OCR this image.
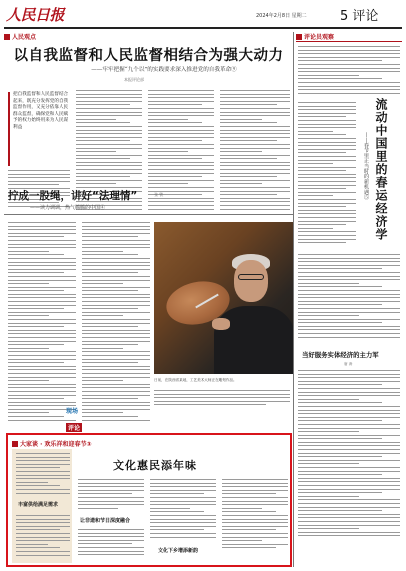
人民日报	2024年2月8日 星期二	5 评论
人民观点
以自我监督和人民监督相结合为强大动力
——牢牢把握“九个以”的实践要求深入推进党的自我革命⑨
本报评论部
把自我监督和人民监督结合起来，既充分发挥党的自我监督作用，又充分依靠人民群众监督，确保党和人民赋予的权力始终用来为人民谋利益
拧成一股绳，讲好“法理情”	张 铁
——读力调调，热气腾腾的中国④
日前，在陕西省某地，工艺美术大师正在雕刻作品。
现场
评论
大家谈 · 欢乐祥和迎春节③
文化惠民添年味
丰富供给满足需求
让非遗和节日深度融合
文化下乡增添新韵
评论员观察
流动中国里的春运经济学
——春节里正当时的新机遇⑤
当好服务实体经济的主力军
唐 涛
